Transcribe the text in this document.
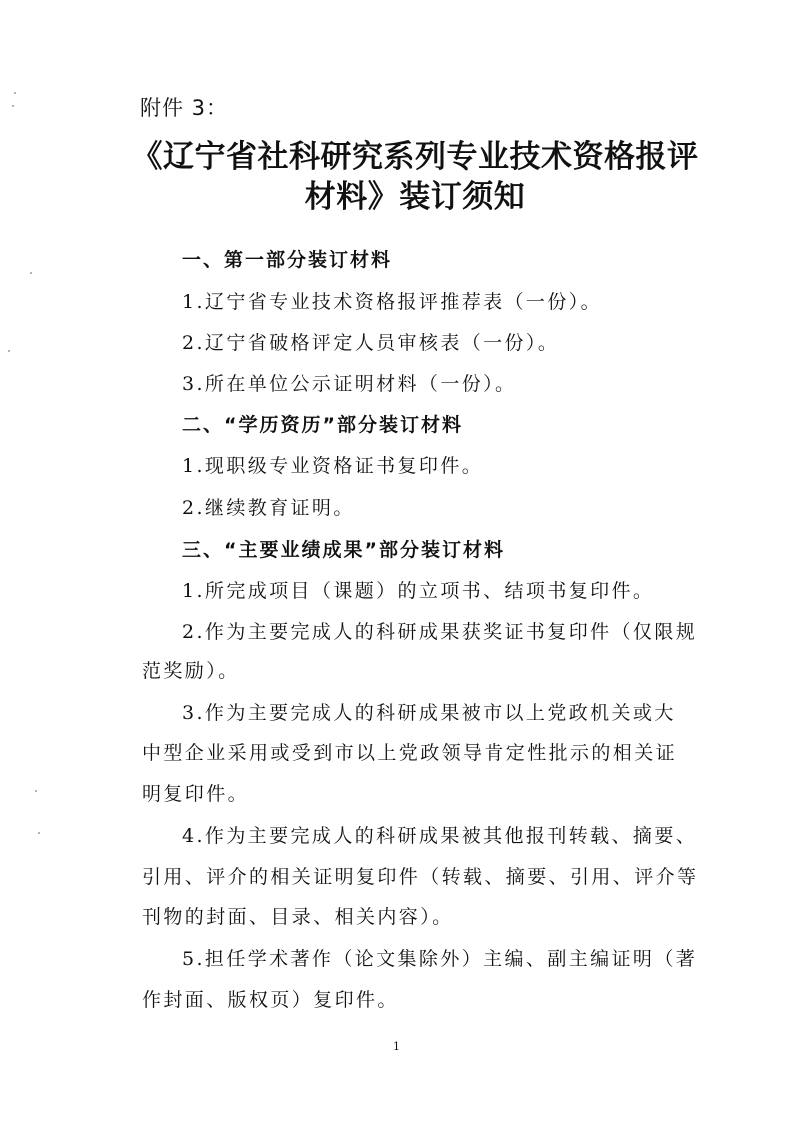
附件 3：
《辽宁省社科研究系列专业技术资格报评
材料》装订须知
一、第一部分装订材料
1.辽宁省专业技术资格报评推荐表（一份）。
2.辽宁省破格评定人员审核表（一份）。
3.所在单位公示证明材料（一份）。
二、“学历资历”部分装订材料
1.现职级专业资格证书复印件。
2.继续教育证明。
三、“主要业绩成果”部分装订材料
1.所完成项目（课题）的立项书、结项书复印件。
2.作为主要完成人的科研成果获奖证书复印件（仅限规
范奖励）。
3.作为主要完成人的科研成果被市以上党政机关或大
中型企业采用或受到市以上党政领导肯定性批示的相关证
明复印件。
4.作为主要完成人的科研成果被其他报刊转载、摘要、
引用、评介的相关证明复印件（转载、摘要、引用、评介等
刊物的封面、目录、相关内容）。
5.担任学术著作（论文集除外）主编、副主编证明（著
作封面、版权页）复印件。
1
